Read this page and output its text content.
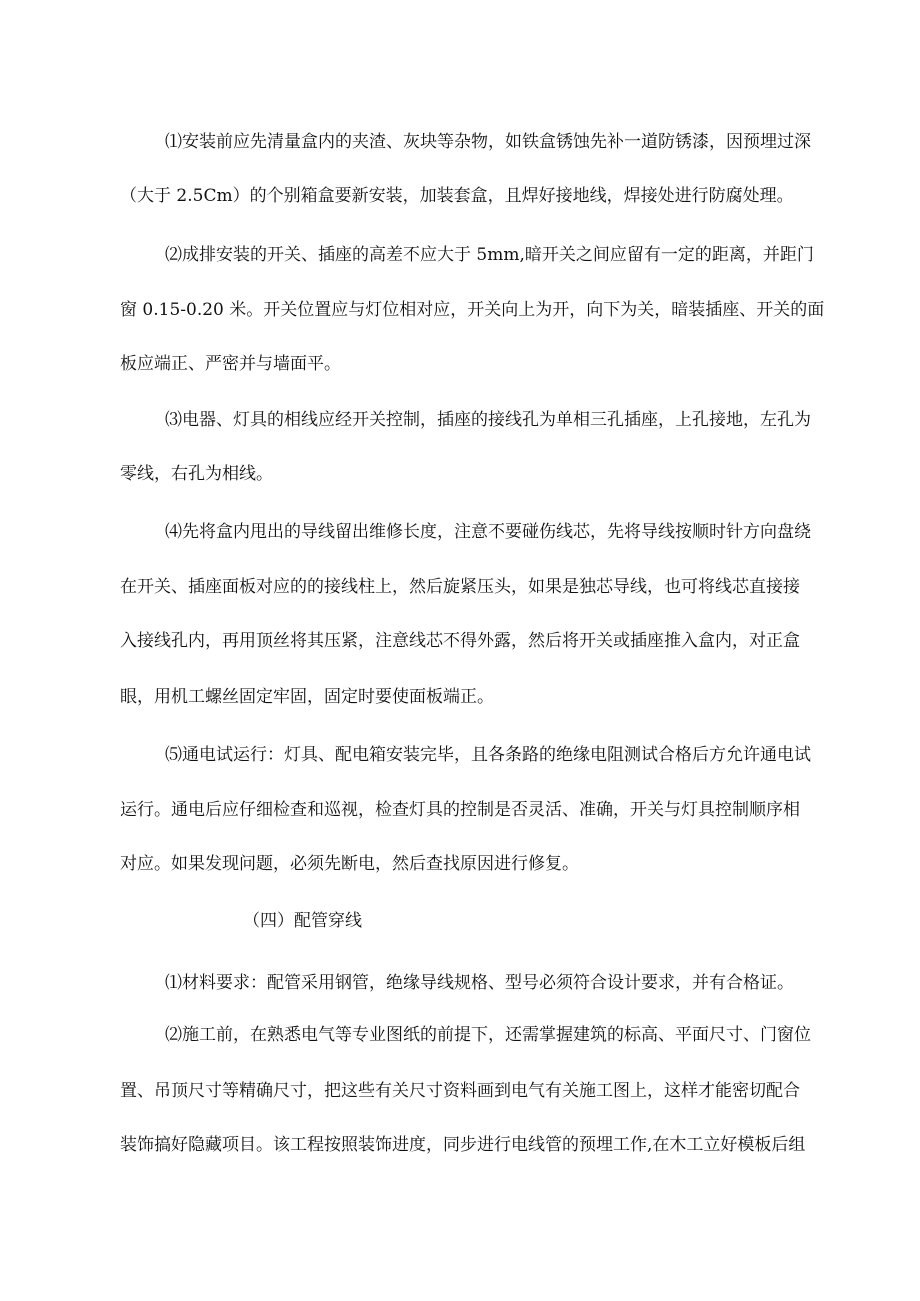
⑴安装前应先清量盒内的夹渣、灰块等杂物，如铁盒锈蚀先补一道防锈漆，因预埋过深
（大于 2.5Cm）的个别箱盒要新安装，加装套盒，且焊好接地线，焊接处进行防腐处理。
⑵成排安装的开关、插座的高差不应大于 5mm,暗开关之间应留有一定的距离，并距门
窗 0.15-0.20 米。开关位置应与灯位相对应，开关向上为开，向下为关，暗装插座、开关的面
板应端正、严密并与墙面平。
⑶电器、灯具的相线应经开关控制，插座的接线孔为单相三孔插座，上孔接地，左孔为
零线，右孔为相线。
⑷先将盒内甩出的导线留出维修长度，注意不要碰伤线芯，先将导线按顺时针方向盘绕
在开关、插座面板对应的的接线柱上，然后旋紧压头，如果是独芯导线，也可将线芯直接接
入接线孔内，再用顶丝将其压紧，注意线芯不得外露，然后将开关或插座推入盒内，对正盒
眼，用机工螺丝固定牢固，固定时要使面板端正。
⑸通电试运行：灯具、配电箱安装完毕，且各条路的绝缘电阻测试合格后方允许通电试
运行。通电后应仔细检查和巡视，检查灯具的控制是否灵活、准确，开关与灯具控制顺序相
对应。如果发现问题，必须先断电，然后查找原因进行修复。
（四）配管穿线
⑴材料要求：配管采用钢管，绝缘导线规格、型号必须符合设计要求，并有合格证。
⑵施工前，在熟悉电气等专业图纸的前提下，还需掌握建筑的标高、平面尺寸、门窗位
置、吊顶尺寸等精确尺寸，把这些有关尺寸资料画到电气有关施工图上，这样才能密切配合
装饰搞好隐藏项目。该工程按照装饰进度，同步进行电线管的预埋工作,在木工立好模板后组
